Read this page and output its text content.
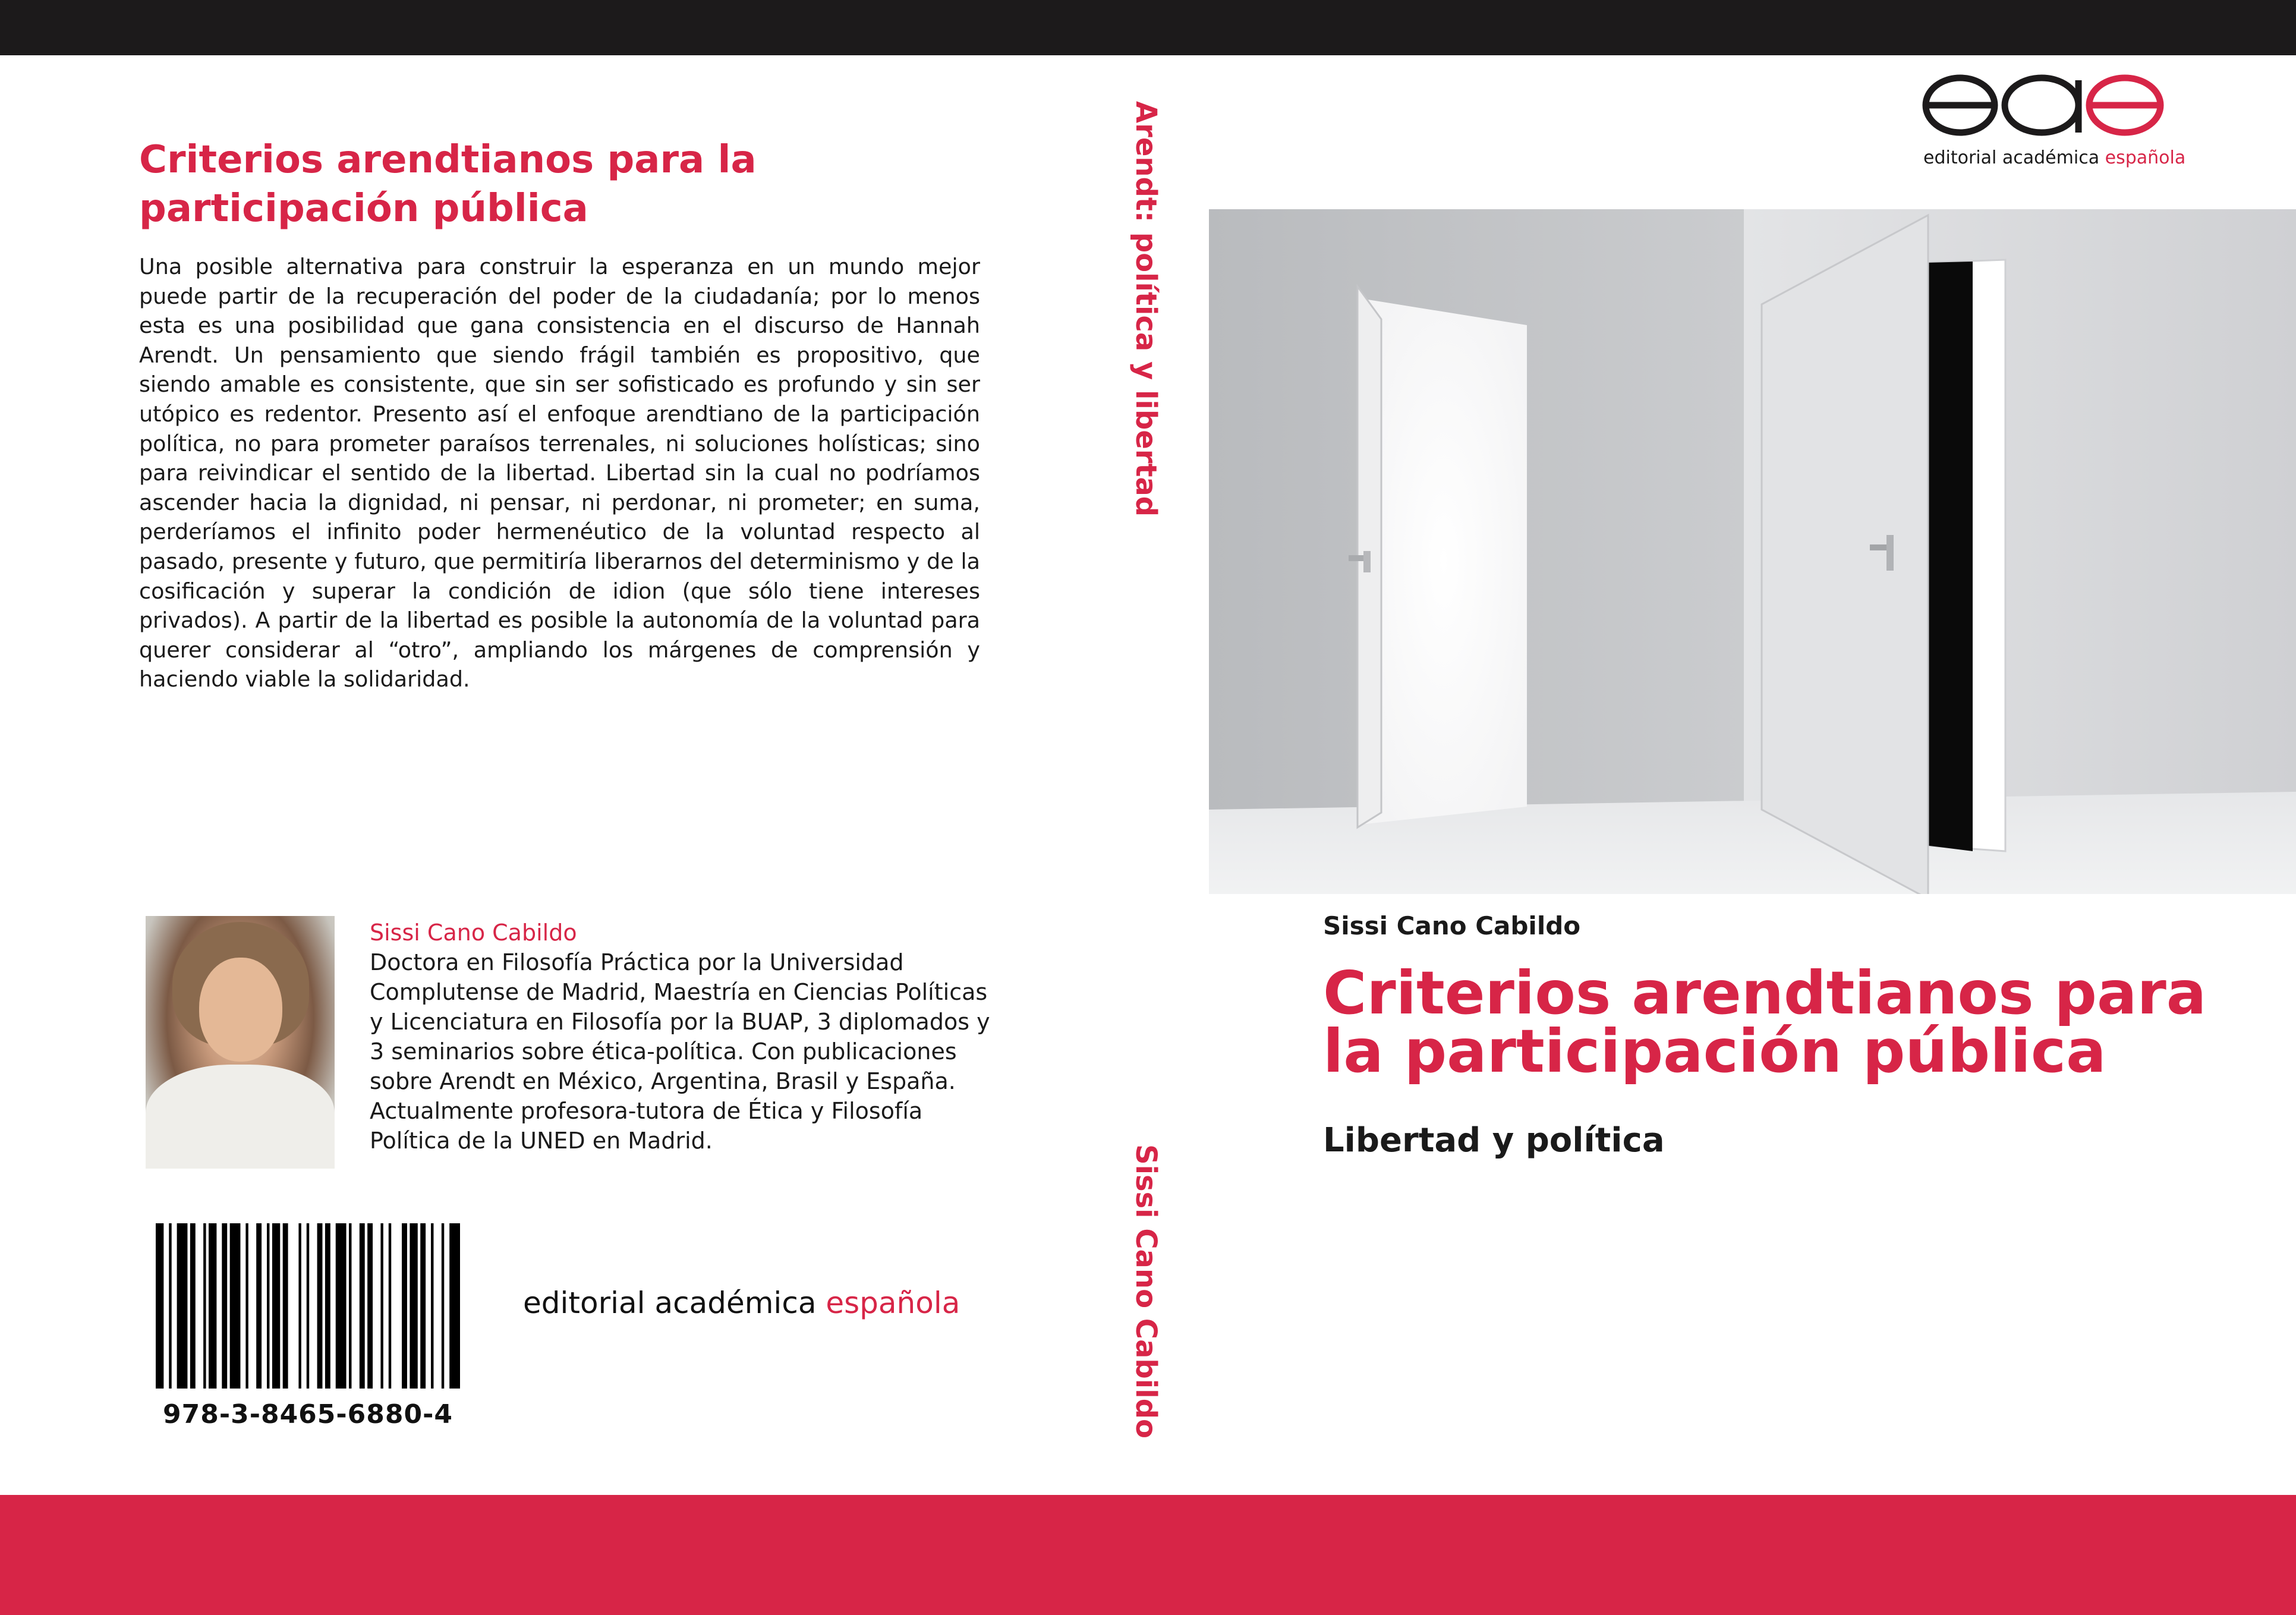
Criterios arendtianos para la participación pública

Una posible alternativa para construir la esperanza en un mundo mejor puede partir de la recuperación del poder de la ciudadanía; por lo menos esta es una posibilidad que gana consistencia en el discurso de Hannah Arendt. Un pensamiento que siendo frágil también es propositivo, que siendo amable es consistente, que sin ser sofisticado es profundo y sin ser utópico es redentor. Presento así el enfoque arendtiano de la participación política, no para prometer paraísos terrenales, ni soluciones holísticas; sino para reivindicar el sentido de la libertad. Libertad sin la cual no podríamos ascender hacia la dignidad, ni pensar, ni perdonar, ni prometer; en suma, perderíamos el infinito poder hermenéutico de la voluntad respecto al pasado, presente y futuro, que permitiría liberarnos del determinismo y de la cosificación y superar la condición de idion (que sólo tiene intereses privados). A partir de la libertad es posible la autonomía de la voluntad para querer considerar al “otro”, ampliando los márgenes de comprensión y haciendo viable la solidaridad.

Sissi Cano Cabildo

Doctora en Filosofía Práctica por la Universidad Complutense de Madrid, Maestría en Ciencias Políticas y Licenciatura en Filosofía por la BUAP, 3 diplomados y 3 seminarios sobre ética-política. Con publicaciones sobre Arendt en México, Argentina, Brasil y España. Actualmente profesora-tutora de Ética y Filosofía Política de la UNED en Madrid.

978-3-8465-6880-4
editorial académica española
Arendt: política y libertad
Sissi Cano Cabildo
editorial académica española

Sissi Cano Cabildo

Criterios arendtianos para la participación pública

Libertad y política
